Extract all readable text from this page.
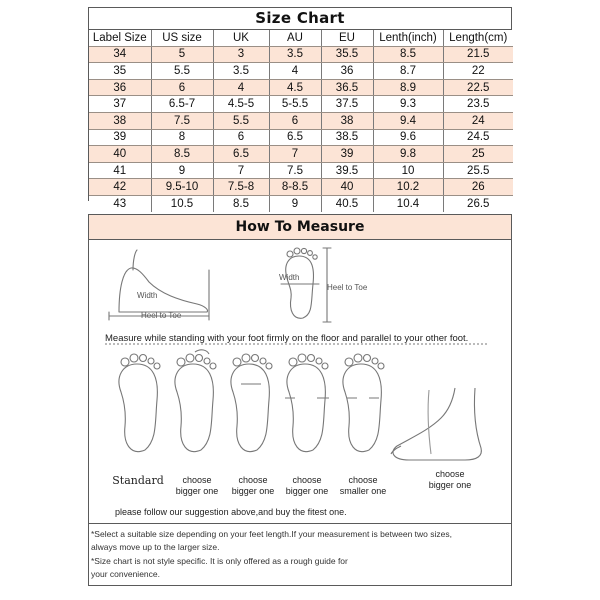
Size Chart
Label Size	US size	UK	AU	EU	Lenth(inch)	Length(cm)
34	5	3	3.5	35.5	8.5	21.5
35	5.5	3.5	4	36	8.7	22
36	6	4	4.5	36.5	8.9	22.5
37	6.5-7	4.5-5	5-5.5	37.5	9.3	23.5
38	7.5	5.5	6	38	9.4	24
39	8	6	6.5	38.5	9.6	24.5
40	8.5	6.5	7	39	9.8	25
41	9	7	7.5	39.5	10	25.5
42	9.5-10	7.5-8	8-8.5	40	10.2	26
43	10.5	8.5	9	40.5	10.4	26.5
How To Measure
Width
Heel to Toe
Width
Heel to Toe
Measure while standing with your foot firmly on the floor and parallel to your other foot.
Standard	choose
bigger one
choose
bigger one
choose
bigger one
choose
smaller one
choose
bigger one
please follow our suggestion above,and buy the fitest one.
*Select a suitable size depending on your feet length.If your measurement is between two sizes,
always move up to the larger size.
*Size chart is not style specific. It is only offered as a rough guide for
your convenience.
